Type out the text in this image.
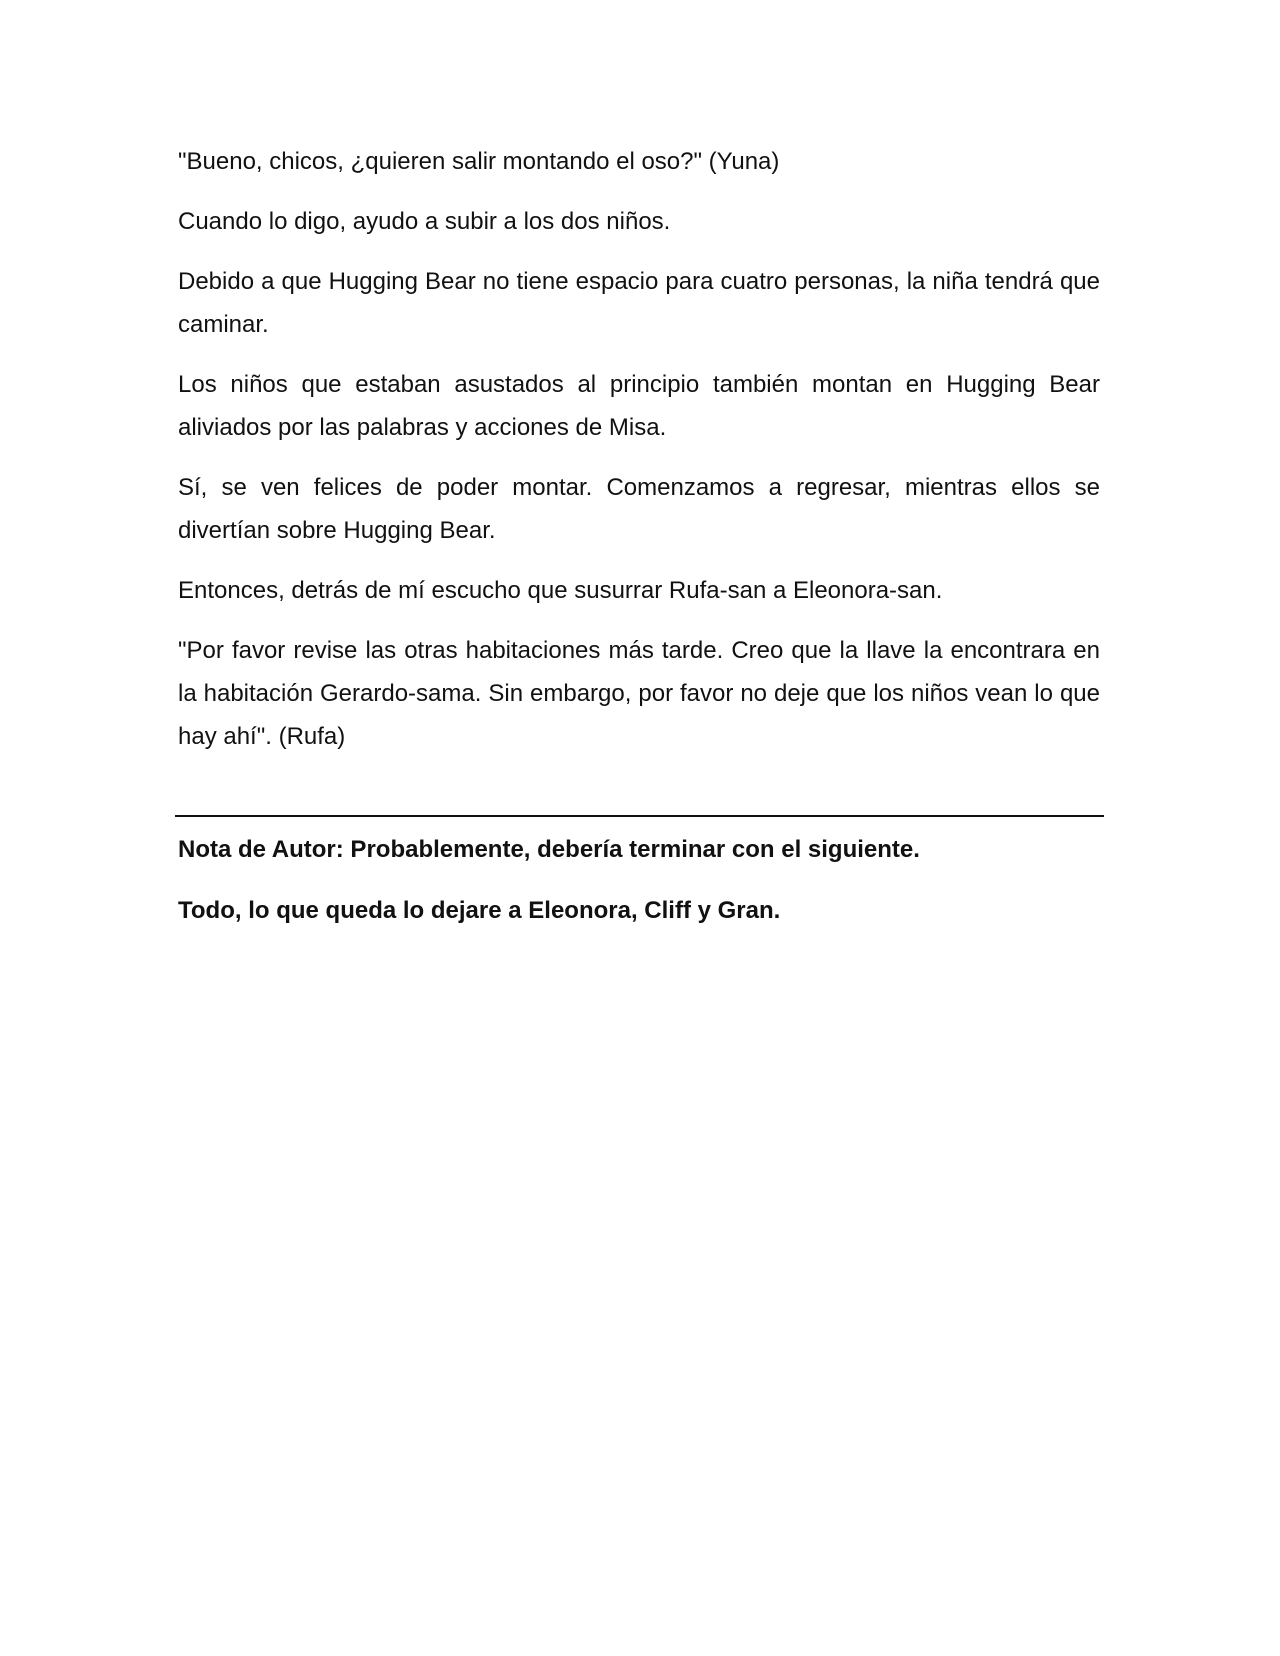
"Bueno, chicos, ¿quieren salir montando el oso?" (Yuna)

Cuando lo digo, ayudo a subir a los dos niños.

Debido a que Hugging Bear no tiene espacio para cuatro personas, la niña tendrá que caminar.

Los niños que estaban asustados al principio también montan en Hugging Bear aliviados por las palabras y acciones de Misa.

Sí, se ven felices de poder montar. Comenzamos a regresar, mientras ellos se divertían sobre Hugging Bear.

Entonces, detrás de mí escucho que susurrar Rufa-san a Eleonora-san.

"Por favor revise las otras habitaciones más tarde. Creo que la llave la encontrara en la habitación Gerardo-sama. Sin embargo, por favor no deje que los niños vean lo que hay ahí". (Rufa)

Nota de Autor: Probablemente, debería terminar con el siguiente.

Todo, lo que queda lo dejare a Eleonora, Cliff y Gran.
